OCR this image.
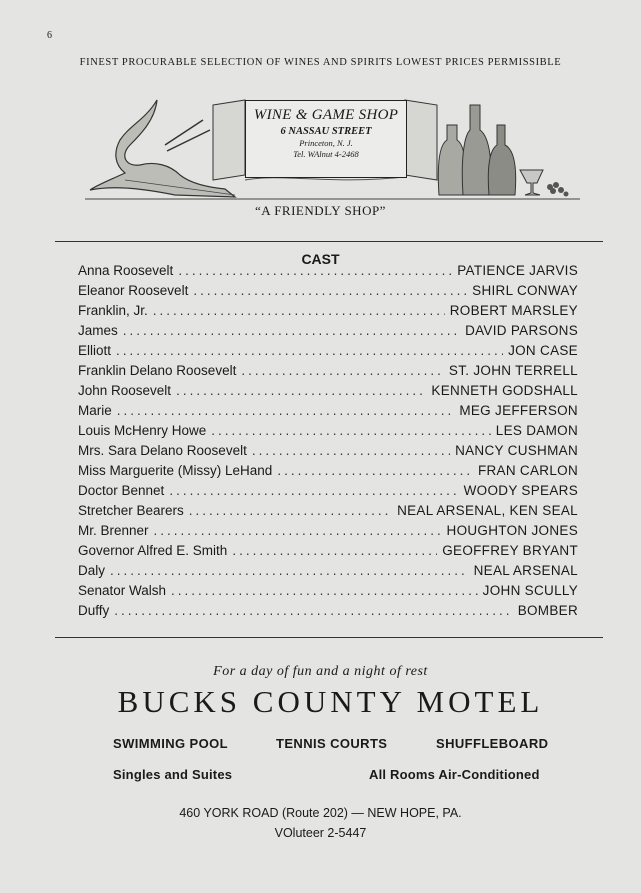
6
FINEST PROCURABLE SELECTION OF WINES AND SPIRITS LOWEST PRICES PERMISSIBLE
WINE & GAME SHOP
6 NASSAU STREET
Princeton, N. J.
Tel. WAlnut 4-2468
“A FRIENDLY SHOP”
CAST
Anna Roosevelt .....	PATIENCE JARVIS
Eleanor Roosevelt .....	SHIRL CONWAY
Franklin, Jr. .....	ROBERT MARSLEY
James .....	DAVID PARSONS
Elliott .....	JON CASE
Franklin Delano Roosevelt .....	ST. JOHN TERRELL
John Roosevelt .....	KENNETH GODSHALL
Marie .....	MEG JEFFERSON
Louis McHenry Howe .....	LES DAMON
Mrs. Sara Delano Roosevelt .....	NANCY CUSHMAN
Miss Marguerite (Missy) LeHand .....	FRAN CARLON
Doctor Bennet .....	WOODY SPEARS
Stretcher Bearers .....	NEAL ARSENAL, KEN SEAL
Mr. Brenner .....	HOUGHTON JONES
Governor Alfred E. Smith .....	GEOFFREY BRYANT
Daly .....	NEAL ARSENAL
Senator Walsh .....	JOHN SCULLY
Duffy .....	BOMBER
For a day of fun and a night of rest
BUCKS COUNTY MOTEL
SWIMMING POOL	TENNIS COURTS	SHUFFLEBOARD
Singles and Suites	All Rooms Air-Conditioned
460 YORK ROAD (Route 202) — NEW HOPE, PA.
VOluteer 2-5447
